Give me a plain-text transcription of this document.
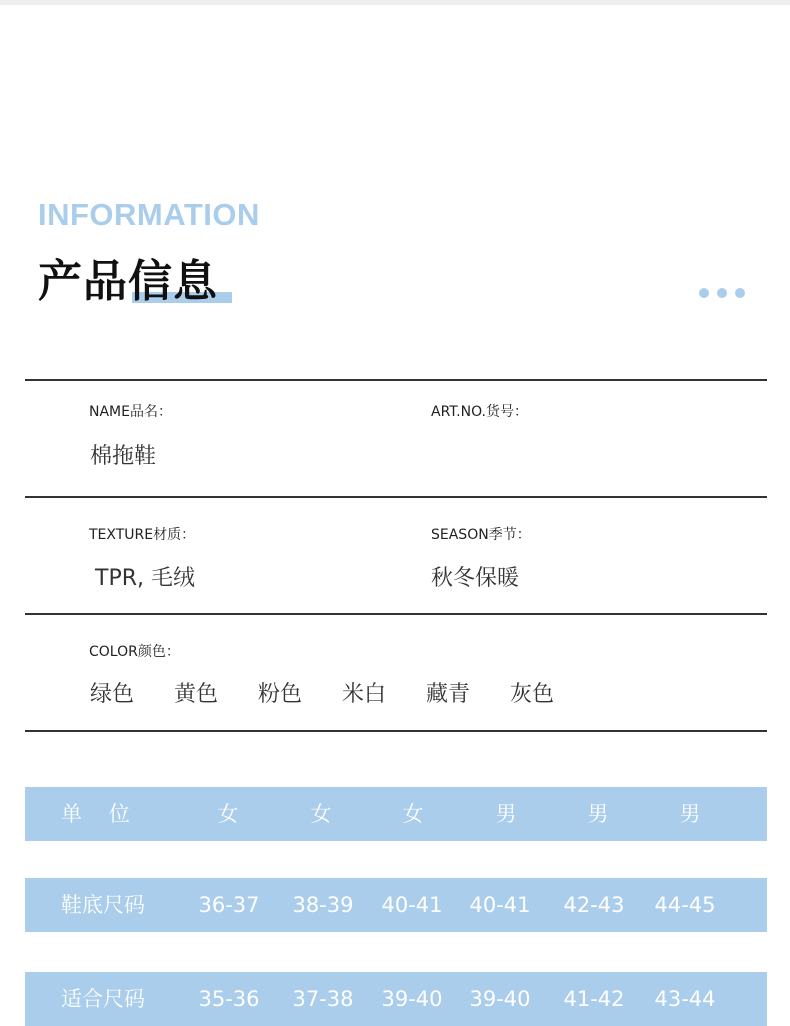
INFORMATION
产品信息
NAME品名：
棉拖鞋
ART.NO.货号：
TEXTURE材质：
TPR, 毛绒
SEASON季节：
秋冬保暖
COLOR颜色：
绿色	黄色	粉色	米白	藏青	灰色
单    位	女	女	女	男	男	男
鞋底尺码	36-37	38-39	40-41	40-41	42-43	44-45
适合尺码	35-36	37-38	39-40	39-40	41-42	43-44
